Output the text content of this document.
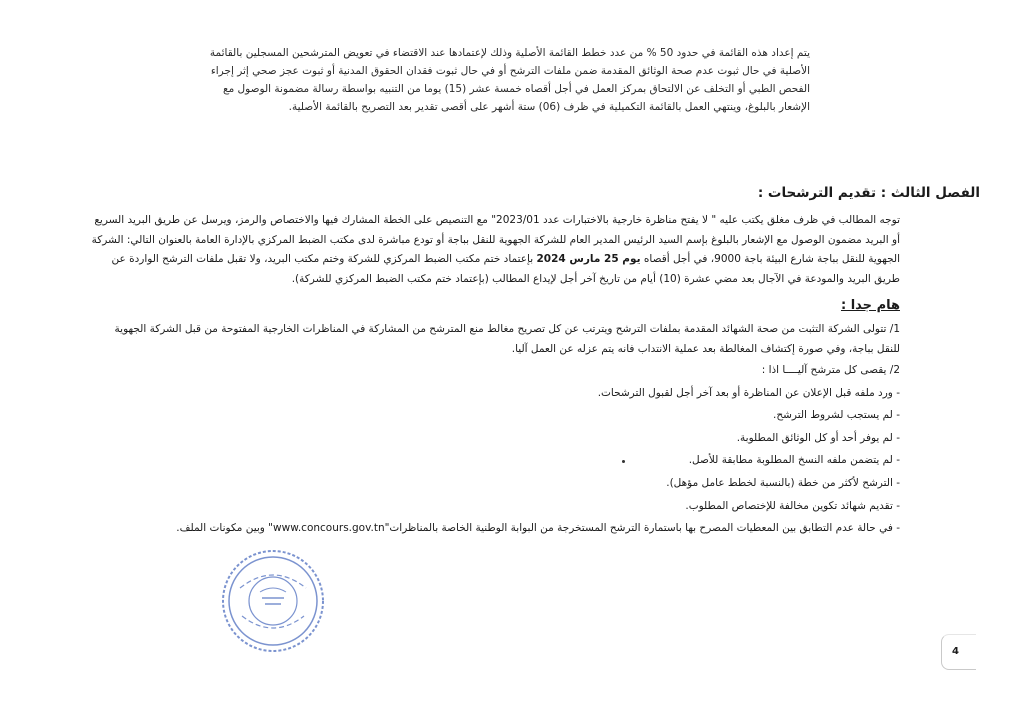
يتم إعداد هذه القائمة في حدود 50 % من عدد خطط القائمة الأصلية وذلك لإعتمادها عند الاقتضاء في تعويض المترشحين المسجلين بالقائمة الأصلية في حال ثبوت عدم صحة الوثائق المقدمة ضمن ملفات الترشح أو في حال ثبوت فقدان الحقوق المدنية أو ثبوت عجز صحي إثر إجراء الفحص الطبي أو التخلف عن الالتحاق بمركز العمل في أجل أقصاه خمسة عشر (15) يوما من التنبيه بواسطة رسالة مضمونة الوصول مع الإشعار بالبلوغ، وينتهي العمل بالقائمة التكميلية في ظرف (06) ستة أشهر على أقصى تقدير بعد التصريح بالقائمة الأصلية.

الفصل الثالث : تقديم الترشحات :

توجه المطالب في ظرف مغلق يكتب عليه " لا يفتح مناظرة خارجية بالاختبارات عدد 2023/01" مع التنصيص على الخطة المشارك فيها والاختصاص والرمز، ويرسل عن طريق البريد السريع أو البريد مضمون الوصول مع الإشعار بالبلوغ بإسم السيد الرئيس المدير العام للشركة الجهوية للنقل بباجة أو تودع مباشرة لدى مكتب الضبط المركزي بالإدارة العامة بالعنوان التالي: الشركة الجهوية للنقل بباجة شارع البيئة باجة 9000، في أجل أقصاه يوم 25 مارس 2024 بإعتماد ختم مكتب الضبط المركزي للشركة وختم مكتب البريد، ولا تقبل ملفات الترشح الواردة عن طريق البريد والمودعة في الآجال بعد مضي عشرة (10) أيام من تاريخ آخر أجل لإيداع المطالب (بإعتماد ختم مكتب الضبط المركزي للشركة).

هام جدا :
1/ تتولى الشركة التثبت من صحة الشهائد المقدمة بملفات الترشح ويترتب عن كل تصريح مغالط منع المترشح من المشاركة في المناظرات الخارجية المفتوحة من قبل الشركة الجهوية للنقل بباجة، وفي صورة إكتشاف المغالطة بعد عملية الانتداب فانه يتم عزله عن العمل آليا.
2/ يقصى كل مترشح آليــــا اذا :
- ورد ملفه قبل الإعلان عن المناظرة أو بعد آخر أجل لقبول الترشحات.
- لم يستجب لشروط الترشح.
- لم يوفر أحد أو كل الوثائق المطلوبة.
- لم يتضمن ملفه النسخ المطلوبة مطابقة للأصل.
- الترشح لأكثر من خطة (بالنسبة لخطط عامل مؤهل).
- تقديم شهائد تكوين مخالفة للإختصاص المطلوب.
- في حالة عدم التطابق بين المعطيات المصرح بها باستمارة الترشح المستخرجة من البوابة الوطنية الخاصة بالمناظرات"www.concours.gov.tn" وبين مكونات الملف.
4
